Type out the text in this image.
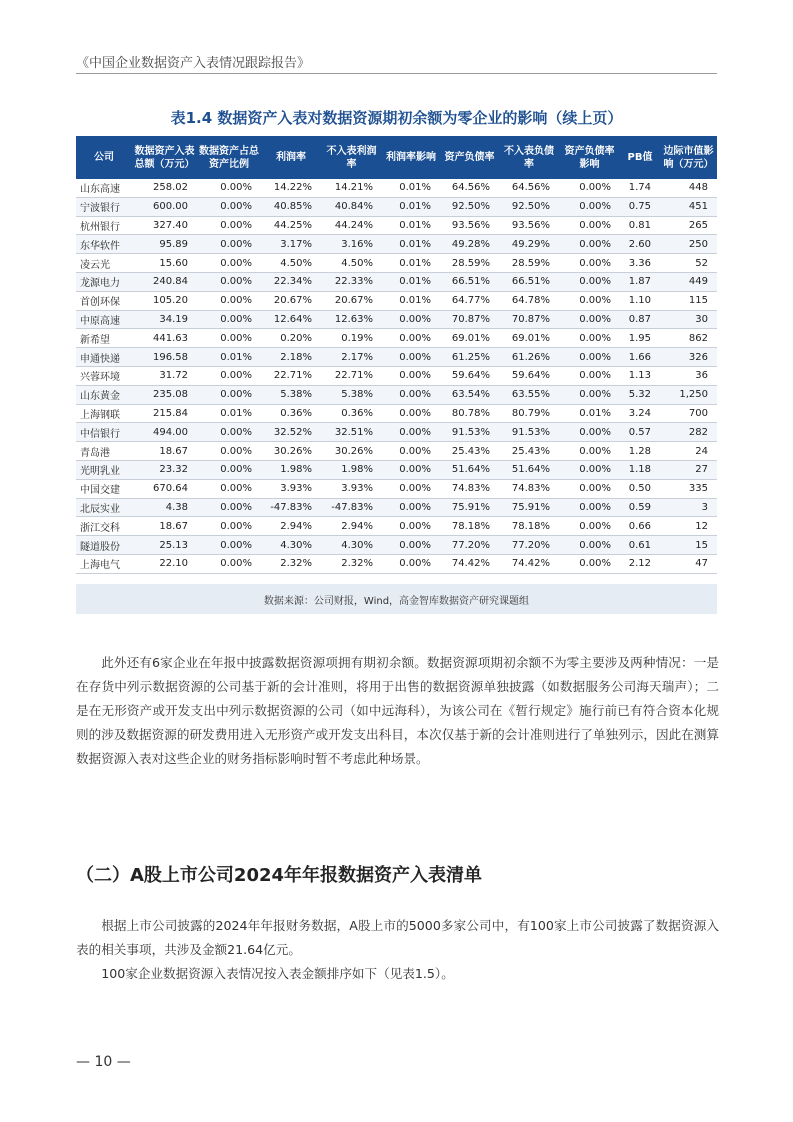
《中国企业数据资产入表情况跟踪报告》
表1.4 数据资产入表对数据资源期初余额为零企业的影响（续上页）
公司	数据资产入表总额（万元）	数据资产占总资产比例	利润率	不入表利润率	利润率影响	资产负债率	不入表负债率	资产负债率影响	PB值	边际市值影响（万元）
山东高速	258.02	0.00%	14.22%	14.21%	0.01%	64.56%	64.56%	0.00%	1.74	448
宁波银行	600.00	0.00%	40.85%	40.84%	0.01%	92.50%	92.50%	0.00%	0.75	451
杭州银行	327.40	0.00%	44.25%	44.24%	0.01%	93.56%	93.56%	0.00%	0.81	265
东华软件	95.89	0.00%	3.17%	3.16%	0.01%	49.28%	49.29%	0.00%	2.60	250
凌云光	15.60	0.00%	4.50%	4.50%	0.01%	28.59%	28.59%	0.00%	3.36	52
龙源电力	240.84	0.00%	22.34%	22.33%	0.01%	66.51%	66.51%	0.00%	1.87	449
首创环保	105.20	0.00%	20.67%	20.67%	0.01%	64.77%	64.78%	0.00%	1.10	115
中原高速	34.19	0.00%	12.64%	12.63%	0.00%	70.87%	70.87%	0.00%	0.87	30
新希望	441.63	0.00%	0.20%	0.19%	0.00%	69.01%	69.01%	0.00%	1.95	862
申通快递	196.58	0.01%	2.18%	2.17%	0.00%	61.25%	61.26%	0.00%	1.66	326
兴蓉环境	31.72	0.00%	22.71%	22.71%	0.00%	59.64%	59.64%	0.00%	1.13	36
山东黄金	235.08	0.00%	5.38%	5.38%	0.00%	63.54%	63.55%	0.00%	5.32	1,250
上海钢联	215.84	0.01%	0.36%	0.36%	0.00%	80.78%	80.79%	0.01%	3.24	700
中信银行	494.00	0.00%	32.52%	32.51%	0.00%	91.53%	91.53%	0.00%	0.57	282
青岛港	18.67	0.00%	30.26%	30.26%	0.00%	25.43%	25.43%	0.00%	1.28	24
光明乳业	23.32	0.00%	1.98%	1.98%	0.00%	51.64%	51.64%	0.00%	1.18	27
中国交建	670.64	0.00%	3.93%	3.93%	0.00%	74.83%	74.83%	0.00%	0.50	335
北辰实业	4.38	0.00%	-47.83%	-47.83%	0.00%	75.91%	75.91%	0.00%	0.59	3
浙江交科	18.67	0.00%	2.94%	2.94%	0.00%	78.18%	78.18%	0.00%	0.66	12
隧道股份	25.13	0.00%	4.30%	4.30%	0.00%	77.20%	77.20%	0.00%	0.61	15
上海电气	22.10	0.00%	2.32%	2.32%	0.00%	74.42%	74.42%	0.00%	2.12	47
数据来源：公司财报，Wind，高金智库数据资产研究课题组

此外还有6家企业在年报中披露数据资源项拥有期初余额。数据资源项期初余额不为零主要涉及两种情况：一是在存货中列示数据资源的公司基于新的会计准则，将用于出售的数据资源单独披露（如数据服务公司海天瑞声）；二是在无形资产或开发支出中列示数据资源的公司（如中远海科），为该公司在《暂行规定》施行前已有符合资本化规则的涉及数据资源的研发费用进入无形资产或开发支出科目，本次仅基于新的会计准则进行了单独列示，因此在测算数据资源入表对这些企业的财务指标影响时暂不考虑此种场景。

（二）A股上市公司2024年年报数据资产入表清单

根据上市公司披露的2024年年报财务数据，A股上市的5000多家公司中，有100家上市公司披露了数据资源入表的相关事项，共涉及金额21.64亿元。

100家企业数据资源入表情况按入表金额排序如下（见表1.5）。

— 10 —
